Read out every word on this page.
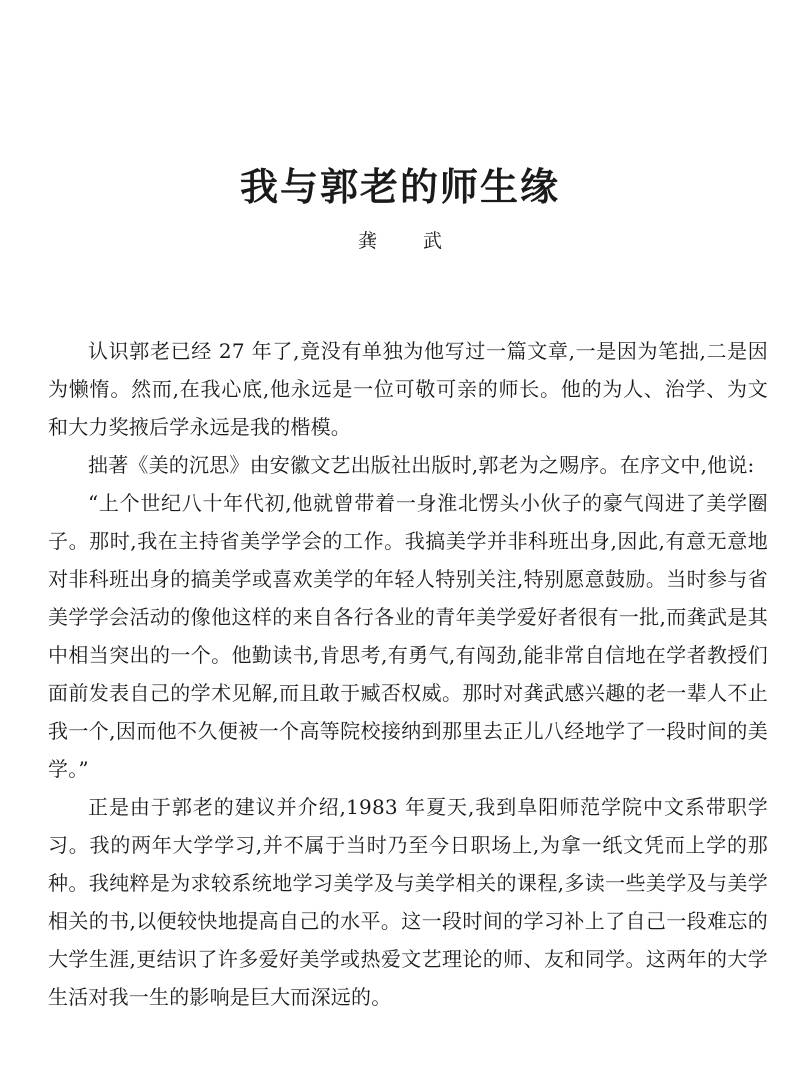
我与郭老的师生缘
龚 武

认识郭老已经 27 年了,竟没有单独为他写过一篇文章,一是因为笔拙,二是因为懒惰。然而,在我心底,他永远是一位可敬可亲的师长。他的为人、治学、为文和大力奖掖后学永远是我的楷模。

拙著《美的沉思》由安徽文艺出版社出版时,郭老为之赐序。在序文中,他说:

“上个世纪八十年代初,他就曾带着一身淮北愣头小伙子的豪气闯进了美学圈子。那时,我在主持省美学学会的工作。我搞美学并非科班出身,因此,有意无意地对非科班出身的搞美学或喜欢美学的年轻人特别关注,特别愿意鼓励。当时参与省美学学会活动的像他这样的来自各行各业的青年美学爱好者很有一批,而龚武是其中相当突出的一个。他勤读书,肯思考,有勇气,有闯劲,能非常自信地在学者教授们面前发表自己的学术见解,而且敢于臧否权威。那时对龚武感兴趣的老一辈人不止我一个,因而他不久便被一个高等院校接纳到那里去正儿八经地学了一段时间的美学。”

正是由于郭老的建议并介绍,1983 年夏天,我到阜阳师范学院中文系带职学习。我的两年大学学习,并不属于当时乃至今日职场上,为拿一纸文凭而上学的那种。我纯粹是为求较系统地学习美学及与美学相关的课程,多读一些美学及与美学相关的书,以便较快地提高自己的水平。这一段时间的学习补上了自己一段难忘的大学生涯,更结识了许多爱好美学或热爱文艺理论的师、友和同学。这两年的大学生活对我一生的影响是巨大而深远的。
